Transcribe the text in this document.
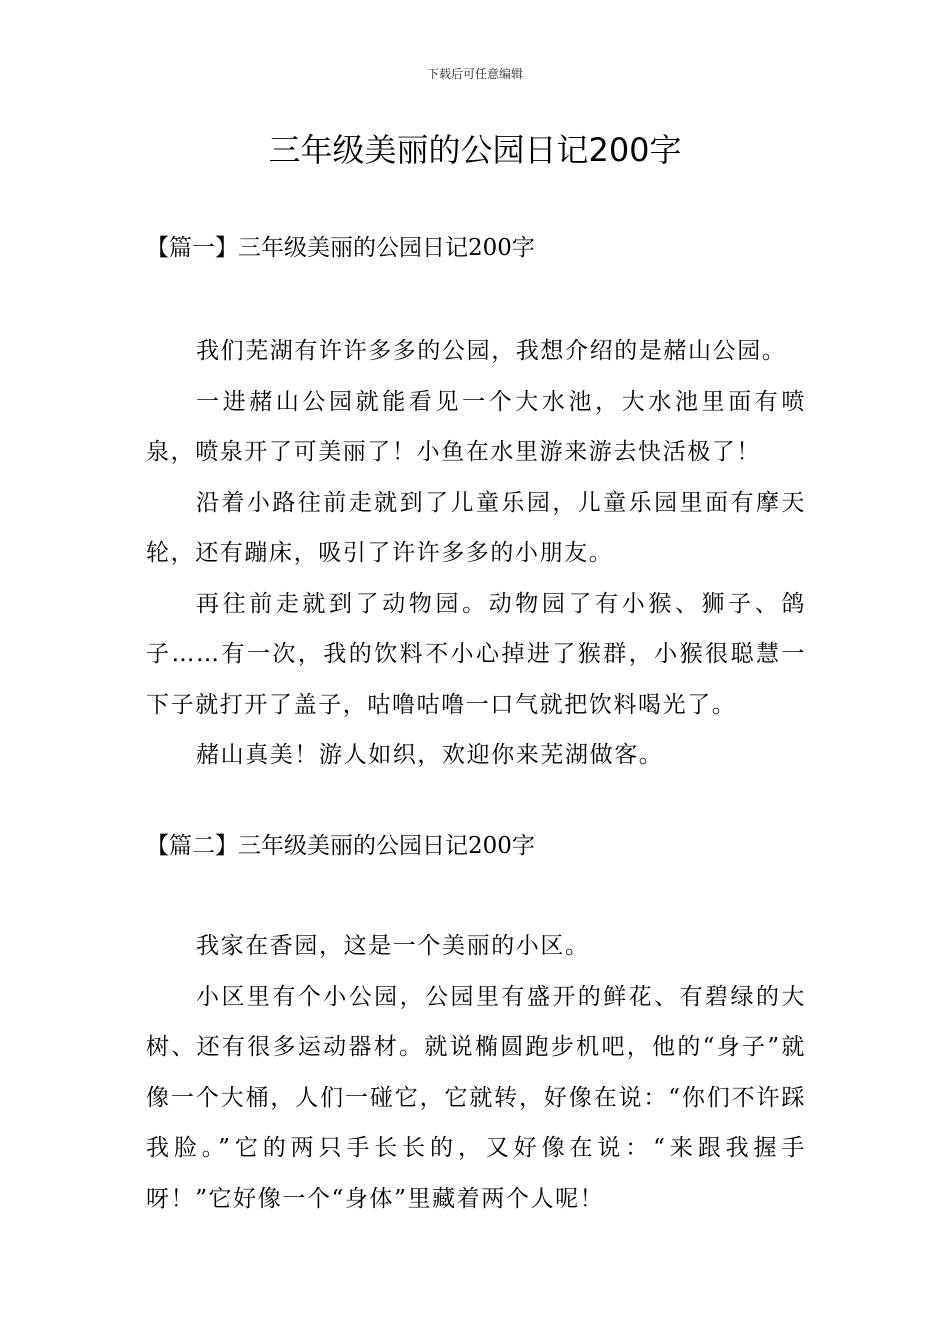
下载后可任意编辑
三年级美丽的公园日记200字
【篇一】三年级美丽的公园日记200字

我们芜湖有许许多多的公园，我想介绍的是赭山公园。

一进赭山公园就能看见一个大水池，大水池里面有喷泉，喷泉开了可美丽了！小鱼在水里游来游去快活极了！

沿着小路往前走就到了儿童乐园，儿童乐园里面有摩天轮，还有蹦床，吸引了许许多多的小朋友。

再往前走就到了动物园。动物园了有小猴、狮子、鸽子……有一次，我的饮料不小心掉进了猴群，小猴很聪慧一下子就打开了盖子，咕噜咕噜一口气就把饮料喝光了。

赭山真美！游人如织，欢迎你来芜湖做客。

【篇二】三年级美丽的公园日记200字

我家在香园，这是一个美丽的小区。

小区里有个小公园，公园里有盛开的鲜花、有碧绿的大树、还有很多运动器材。就说椭圆跑步机吧，他的“身子”就像一个大桶，人们一碰它，它就转，好像在说：“你们不许踩我脸。”它的两只手长长的，又好像在说：“来跟我握手呀！”它好像一个“身体”里藏着两个人呢！
